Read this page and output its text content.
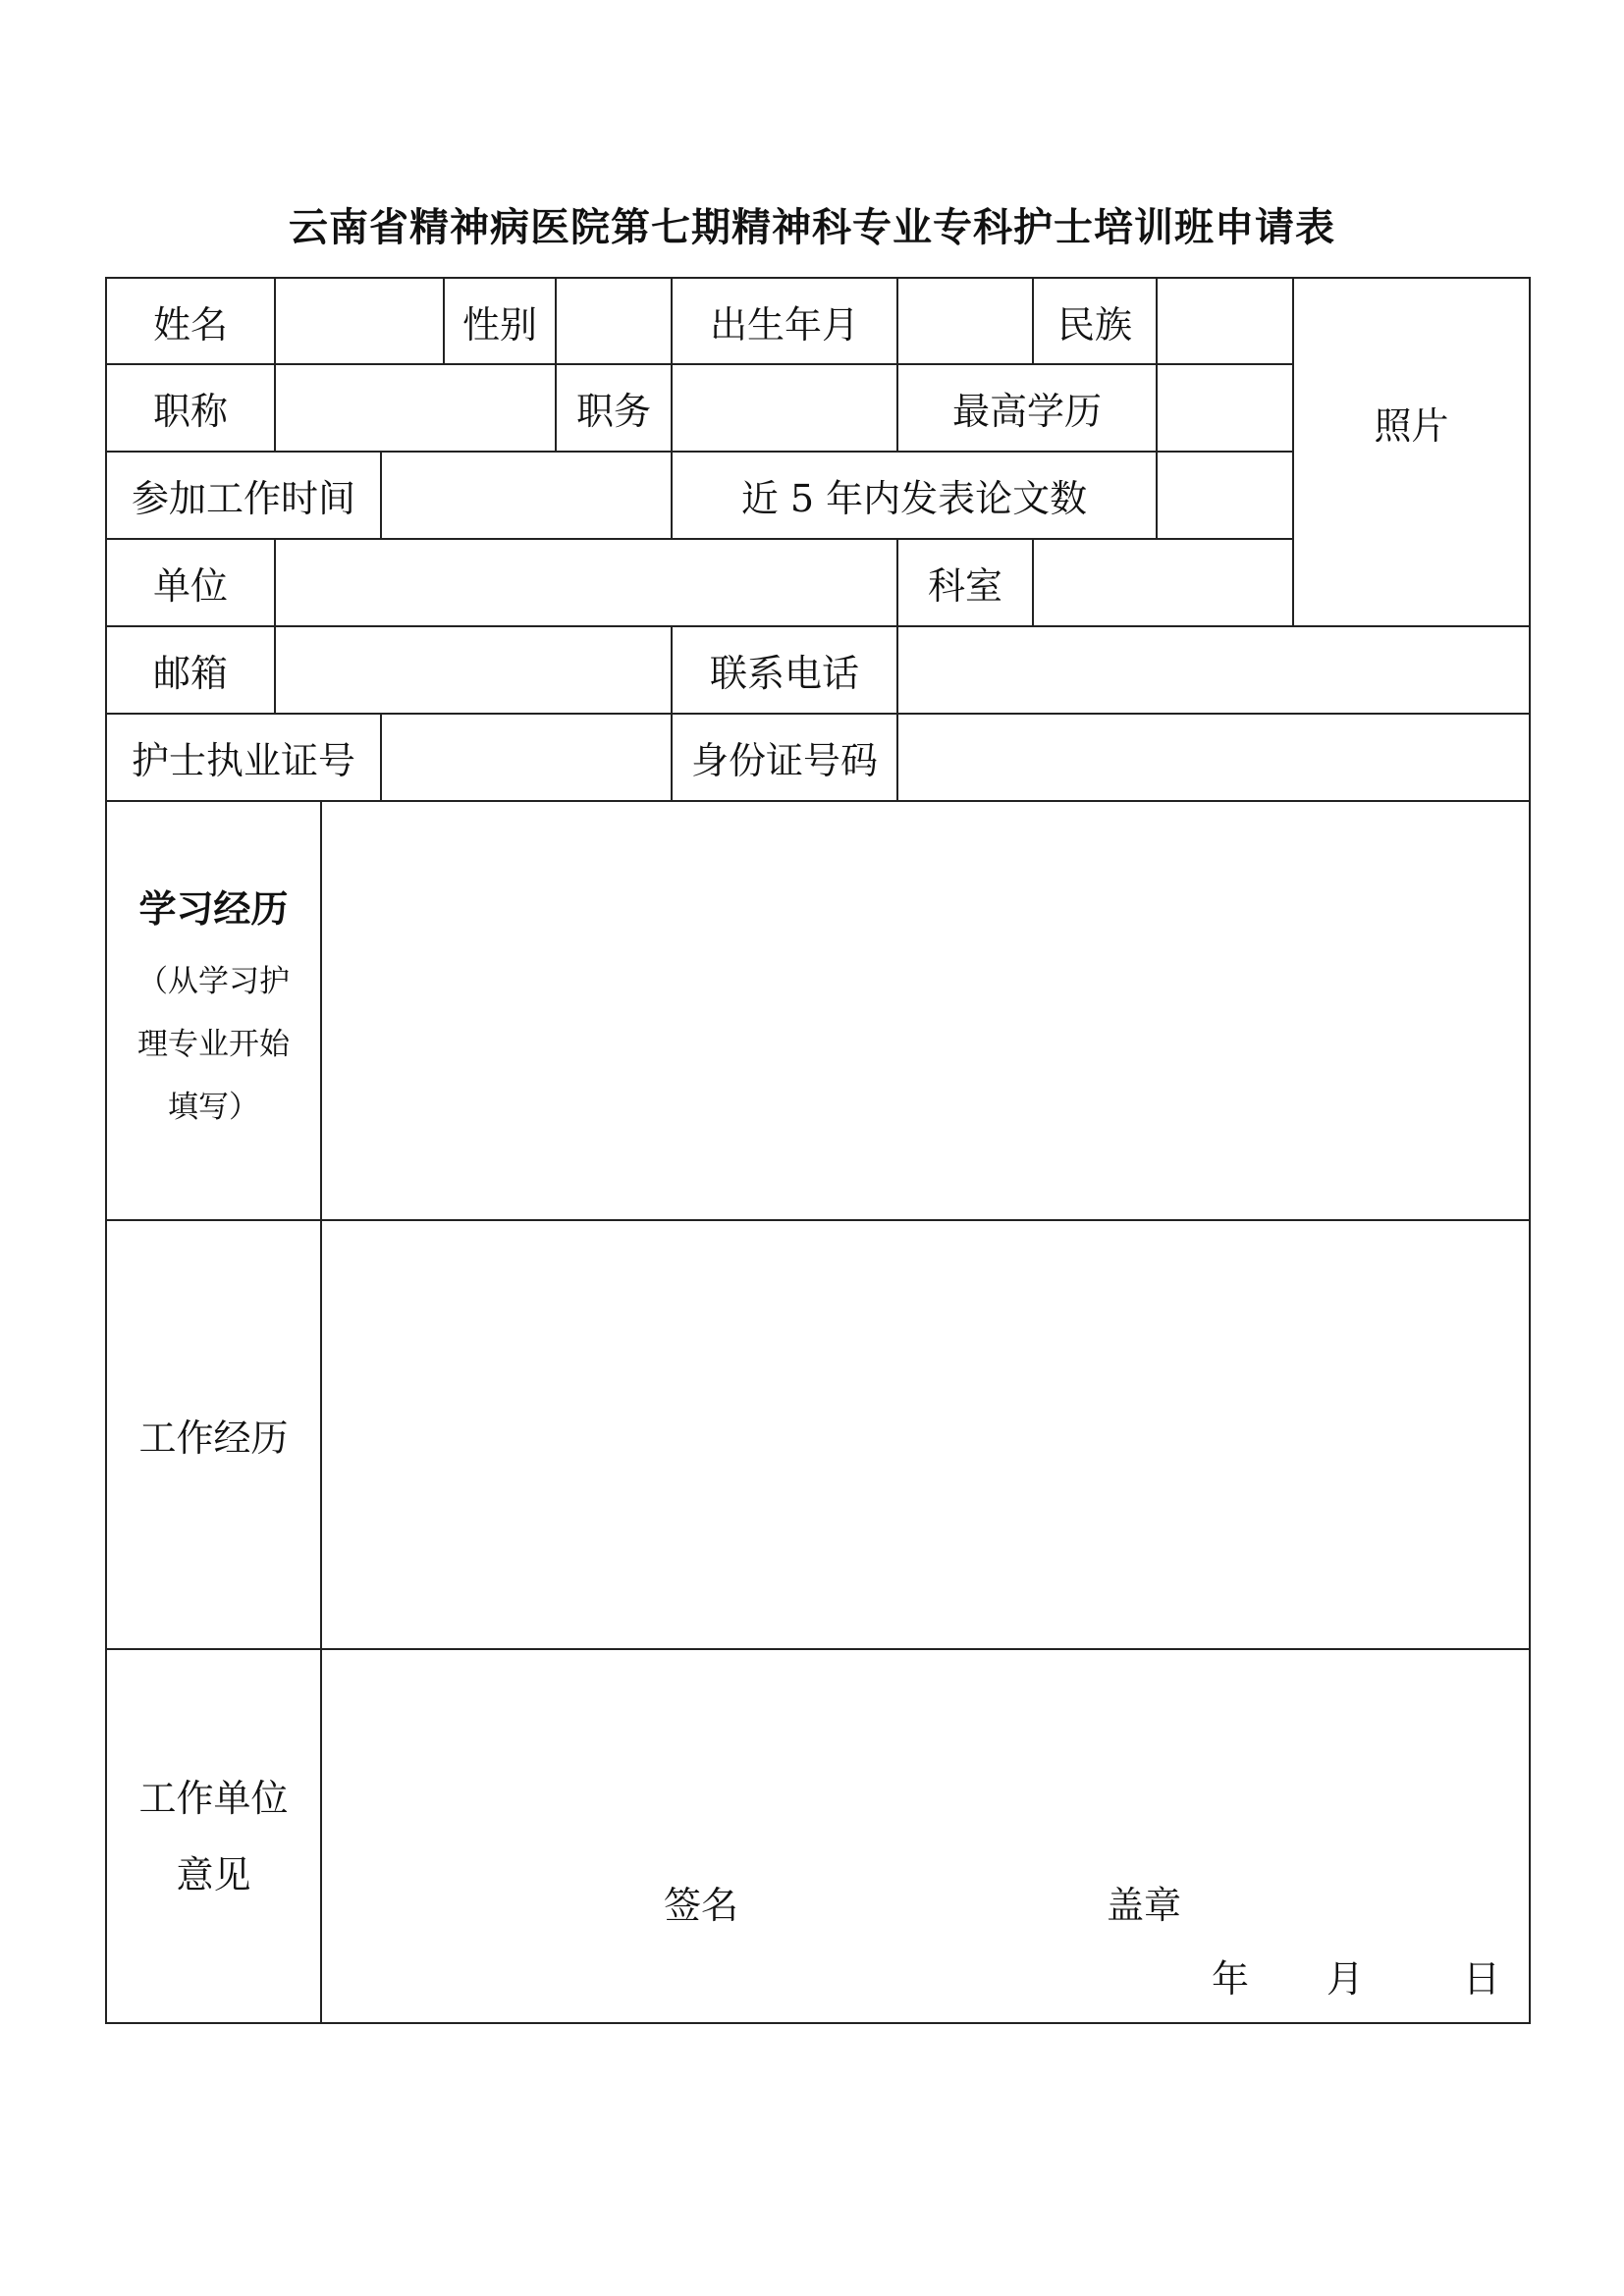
云南省精神病医院第七期精神科专业专科护士培训班申请表
姓名	性别	出生年月	民族
照片
职称	职务	最高学历
参加工作时间	近 5 年内发表论文数
单位	科室
邮箱	联系电话
护士执业证号	身份证号码
学习经历
（从学习护
理专业开始
填写）
工作经历
工作单位
意见
签名	盖章
年 月	日
